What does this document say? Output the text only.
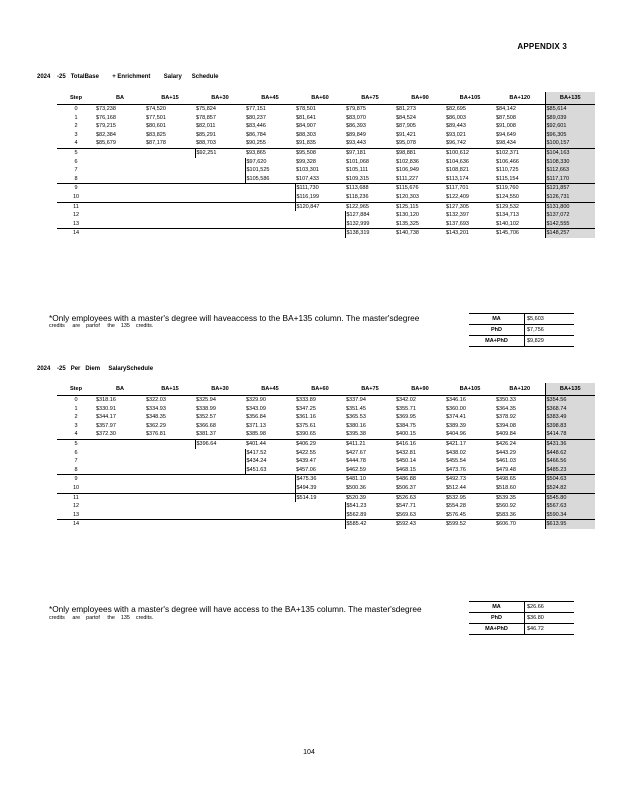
APPENDIX 3
2024    -25   TotalBase        + Enrichment        Salary      Schedule
Step	BA	BA+15	BA+30	BA+45	BA+60	BA+75	BA+90	BA+105	BA+120	BA+135
0	$73,238	$74,520	$75,824	$77,151	$78,501	$79,875	$81,273	$82,695	$84,142	$85,614
1	$76,168	$77,501	$78,857	$80,237	$81,641	$83,070	$84,524	$86,003	$87,508	$89,039
2	$79,215	$80,601	$82,011	$83,446	$84,907	$86,393	$87,905	$89,443	$91,008	$92,601
3	$82,384	$83,825	$85,291	$86,784	$88,303	$89,849	$91,421	$93,021	$94,649	$96,305
4	$85,679	$87,178	$88,703	$90,255	$91,835	$93,443	$95,078	$96,742	$98,434	$100,157
5			$92,251	$93,865	$95,508	$97,181	$98,881	$100,612	$102,371	$104,163
6				$97,620	$99,328	$101,068	$102,836	$104,636	$106,466	$108,330
7				$101,525	$103,301	$105,111	$106,949	$108,821	$110,725	$112,663
8				$105,586	$107,433	$109,315	$111,227	$113,174	$115,154	$117,170
9					$111,730	$113,688	$115,676	$117,701	$119,760	$121,857
10					$116,199	$118,236	$120,303	$122,409	$124,550	$126,731
11					$120,847	$122,965	$125,115	$127,305	$129,532	$131,800
12						$127,884	$130,120	$132,397	$134,713	$137,072
13						$132,999	$135,325	$137,693	$140,102	$142,555
14						$138,319	$140,738	$143,201	$145,706	$148,257
*Only employees with a master's degree will haveaccess to the BA+135 column. The master'sdegree
credits     are    partof     the    135    credits.
MA	$5,603
PhD	$7,756
MA+PhD	$9,829
2024    -25   Per   Diem     SalarySchedule
Step	BA	BA+15	BA+30	BA+45	BA+60	BA+75	BA+90	BA+105	BA+120	BA+135
0	$318.16	$322.03	$325.94	$329.90	$333.89	$337.94	$342.02	$346.16	$350.33	$354.56
1	$330.91	$334.93	$338.99	$343.09	$347.25	$351.45	$355.71	$360.00	$364.35	$368.74
2	$344.17	$348.35	$352.57	$356.84	$361.16	$365.53	$369.95	$374.41	$378.92	$383.49
3	$357.97	$362.29	$366.68	$371.13	$375.61	$380.16	$384.75	$389.39	$394.08	$398.83
4	$372.30	$376.81	$381.37	$385.98	$390.65	$395.38	$400.15	$404.96	$409.84	$414.78
5			$396.64	$401.44	$406.29	$411.21	$416.16	$421.17	$426.24	$431.36
6				$417.52	$422.55	$427.67	$432.81	$438.02	$443.29	$448.62
7				$434.24	$439.47	$444.78	$450.14	$455.54	$461.03	$466.56
8				$451.63	$457.06	$462.59	$468.15	$473.76	$479.48	$485.23
9					$475.36	$481.10	$486.88	$492.73	$498.65	$504.63
10					$494.39	$500.36	$506.37	$512.44	$518.60	$524.82
11					$514.19	$520.39	$526.63	$532.95	$539.35	$545.80
12						$541.23	$547.71	$554.28	$560.92	$567.63
13						$562.89	$569.63	$576.45	$583.36	$590.34
14						$585.42	$592.43	$599.52	$606.70	$613.95
*Only employees with a master's degree will have access to the BA+135 column. The master'sdegree
credits     are    partof     the    135    credits.
MA	$26.66
PhD	$36.80
MA+PhD	$46.72
104
